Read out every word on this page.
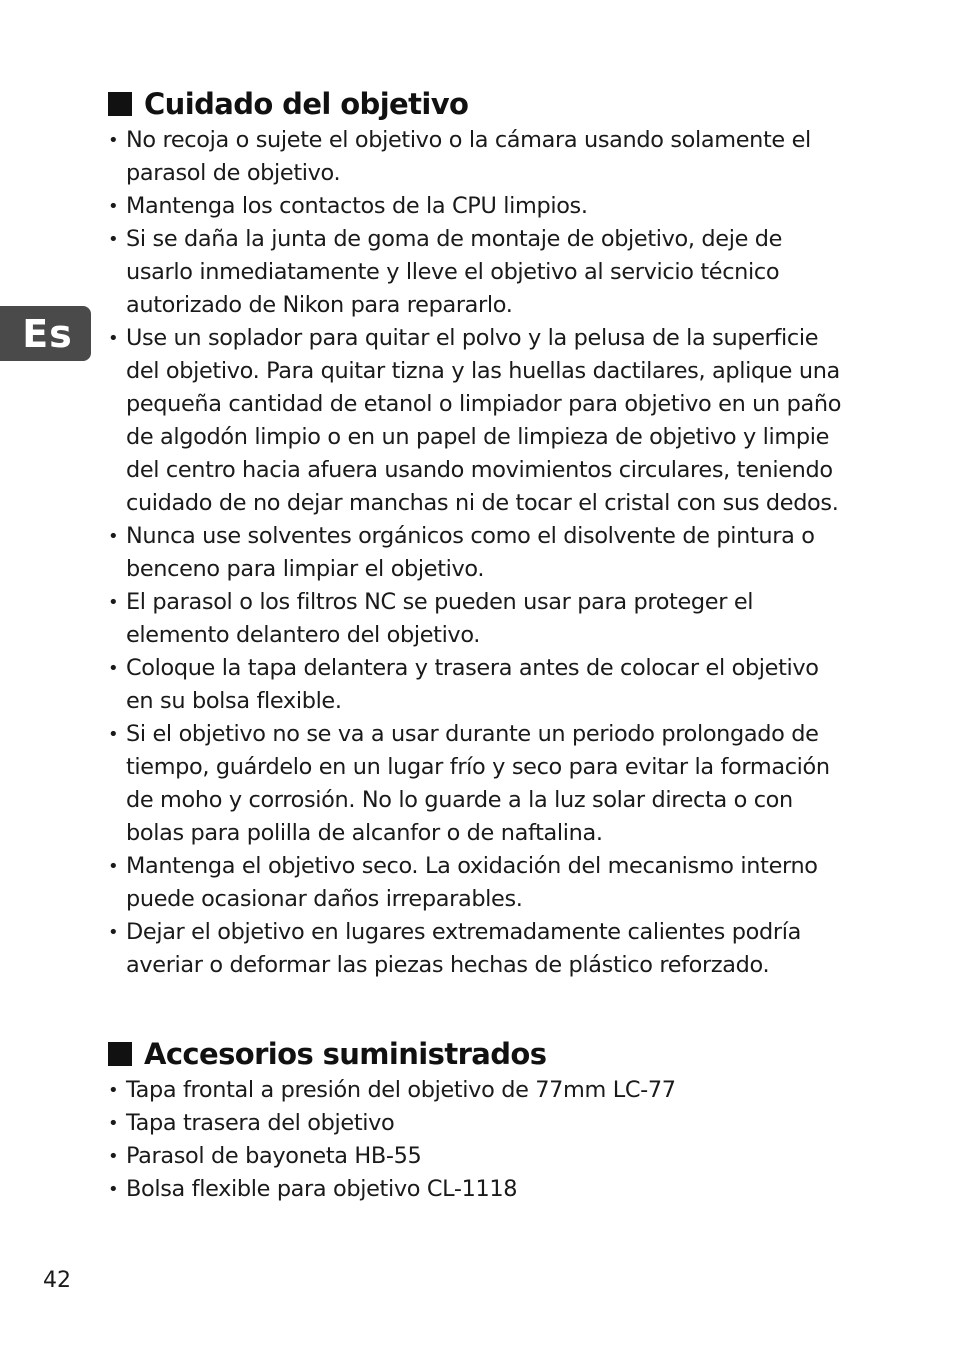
Es
Cuidado del objetivo
• No recoja o sujete el objetivo o la cámara usando solamente el parasol de objetivo.
• Mantenga los contactos de la CPU limpios.
• Si se daña la junta de goma de montaje de objetivo, deje de usarlo inmediatamente y lleve el objetivo al servicio técnico autorizado de Nikon para repararlo.
• Use un soplador para quitar el polvo y la pelusa de la superficie del objetivo. Para quitar tizna y las huellas dactilares, aplique una pequeña cantidad de etanol o limpiador para objetivo en un paño de algodón limpio o en un papel de limpieza de objetivo y limpie del centro hacia afuera usando movimientos circulares, teniendo cuidado de no dejar manchas ni de tocar el cristal con sus dedos.
• Nunca use solventes orgánicos como el disolvente de pintura o benceno para limpiar el objetivo.
• El parasol o los filtros NC se pueden usar para proteger el elemento delantero del objetivo.
• Coloque la tapa delantera y trasera antes de colocar el objetivo en su bolsa flexible.
• Si el objetivo no se va a usar durante un periodo prolongado de tiempo, guárdelo en un lugar frío y seco para evitar la formación de moho y corrosión. No lo guarde a la luz solar directa o con bolas para polilla de alcanfor o de naftalina.
• Mantenga el objetivo seco. La oxidación del mecanismo interno puede ocasionar daños irreparables.
• Dejar el objetivo en lugares extremadamente calientes podría averiar o deformar las piezas hechas de plástico reforzado.
Accesorios suministrados
• Tapa frontal a presión del objetivo de 77mm LC-77
• Tapa trasera del objetivo
• Parasol de bayoneta HB-55
• Bolsa flexible para objetivo CL-1118
42
